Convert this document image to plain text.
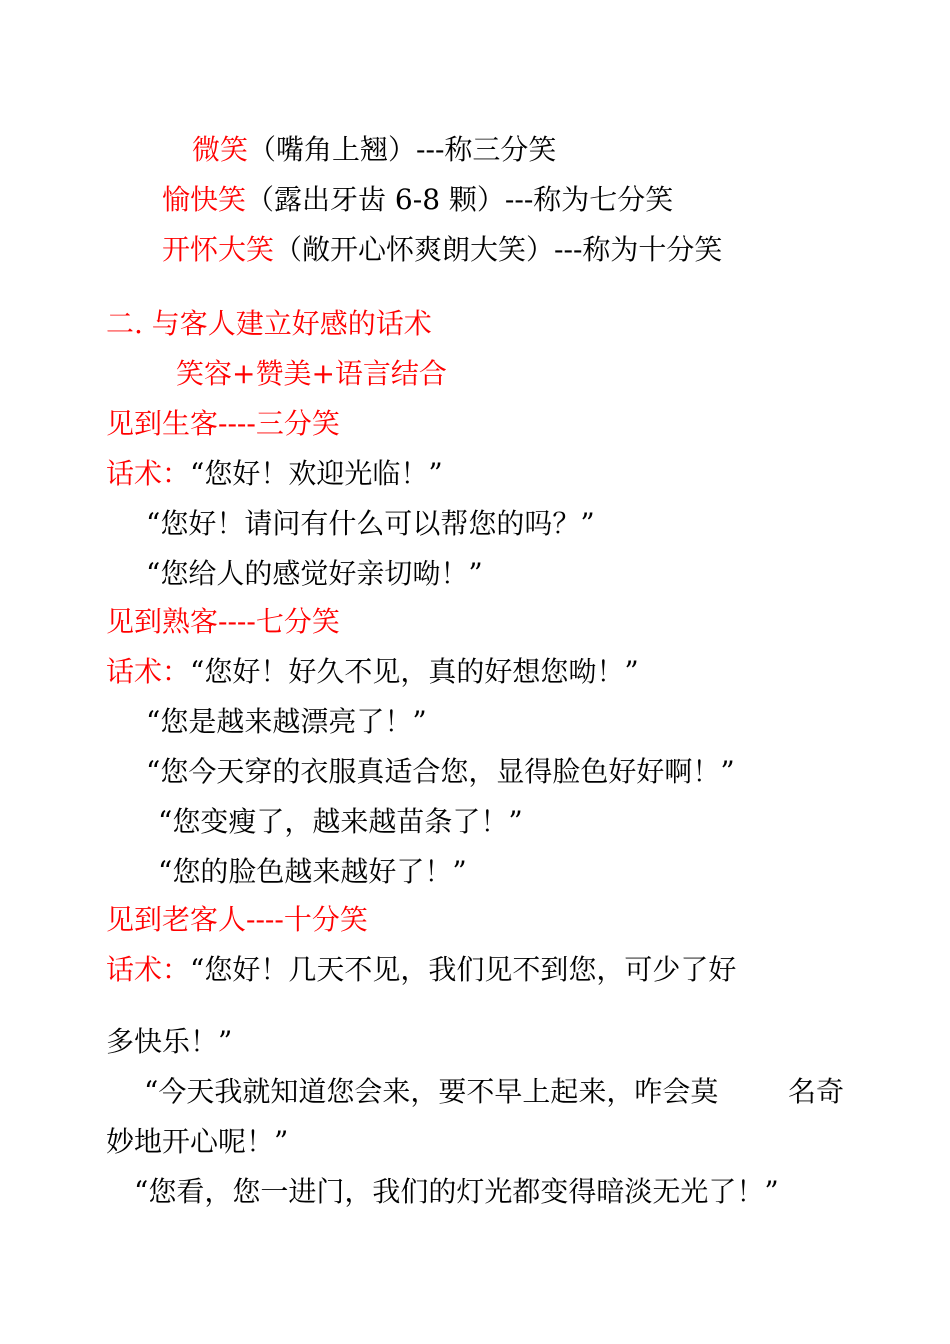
微笑（嘴角上翘）---称三分笑
愉快笑（露出牙齿 6-8 颗）---称为七分笑
开怀大笑（敞开心怀爽朗大笑）---称为十分笑
二. 与客人建立好感的话术
笑容+赞美+语言结合
见到生客----三分笑
话术：“您好！欢迎光临！”
“您好！请问有什么可以帮您的吗？”
“您给人的感觉好亲切呦！”
见到熟客----七分笑
话术：“您好！好久不见，真的好想您呦！”
“您是越来越漂亮了！”
“您今天穿的衣服真适合您，显得脸色好好啊！”
“您变瘦了，越来越苗条了！”
“您的脸色越来越好了！”
见到老客人----十分笑
话术：“您好！几天不见，我们见不到您，可少了好
多快乐！”
“今天我就知道您会来，要不早上起来，咋会莫 名奇
妙地开心呢！”
“您看，您一进门，我们的灯光都变得暗淡无光了！”
